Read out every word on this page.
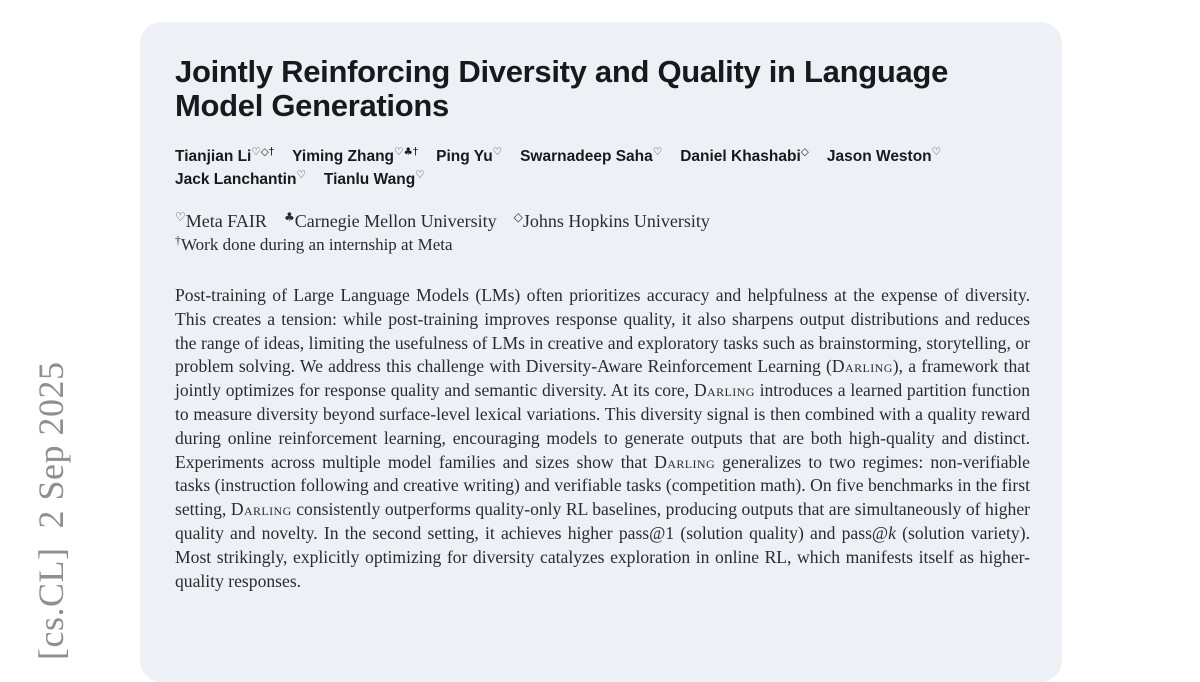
[cs.CL]  2 Sep 2025
Jointly Reinforcing Diversity and Quality in Language Model Generations
Tianjian Li♡◇† Yiming Zhang♡♣† Ping Yu♡ Swarnadeep Saha♡ Daniel Khashabi◇ Jason Weston♡Jack Lanchantin♡ Tianlu Wang♡
♡Meta FAIR ♣Carnegie Mellon University ◇Johns Hopkins University
†Work done during an internship at Meta

Post-training of Large Language Models (LMs) often prioritizes accuracy and helpfulness at the expense of diversity. This creates a tension: while post-training improves response quality, it also sharpens output distributions and reduces the range of ideas, limiting the usefulness of LMs in creative and exploratory tasks such as brainstorming, storytelling, or problem solving. We address this challenge with Diversity-Aware Reinforcement Learning (Darling), a framework that jointly optimizes for response quality and semantic diversity. At its core, Darling introduces a learned partition function to measure diversity beyond surface-level lexical variations. This diversity signal is then combined with a quality reward during online reinforcement learning, encouraging models to generate outputs that are both high-quality and distinct. Experiments across multiple model families and sizes show that Darling generalizes to two regimes: non-verifiable tasks (instruction following and creative writing) and verifiable tasks (competition math). On five benchmarks in the first setting, Darling consistently outperforms quality-only RL baselines, producing outputs that are simultaneously of higher quality and novelty. In the second setting, it achieves higher pass@1 (solution quality) and pass@k (solution variety). Most strikingly, explicitly optimizing for diversity catalyzes exploration in online RL, which manifests itself as higher-quality responses.
